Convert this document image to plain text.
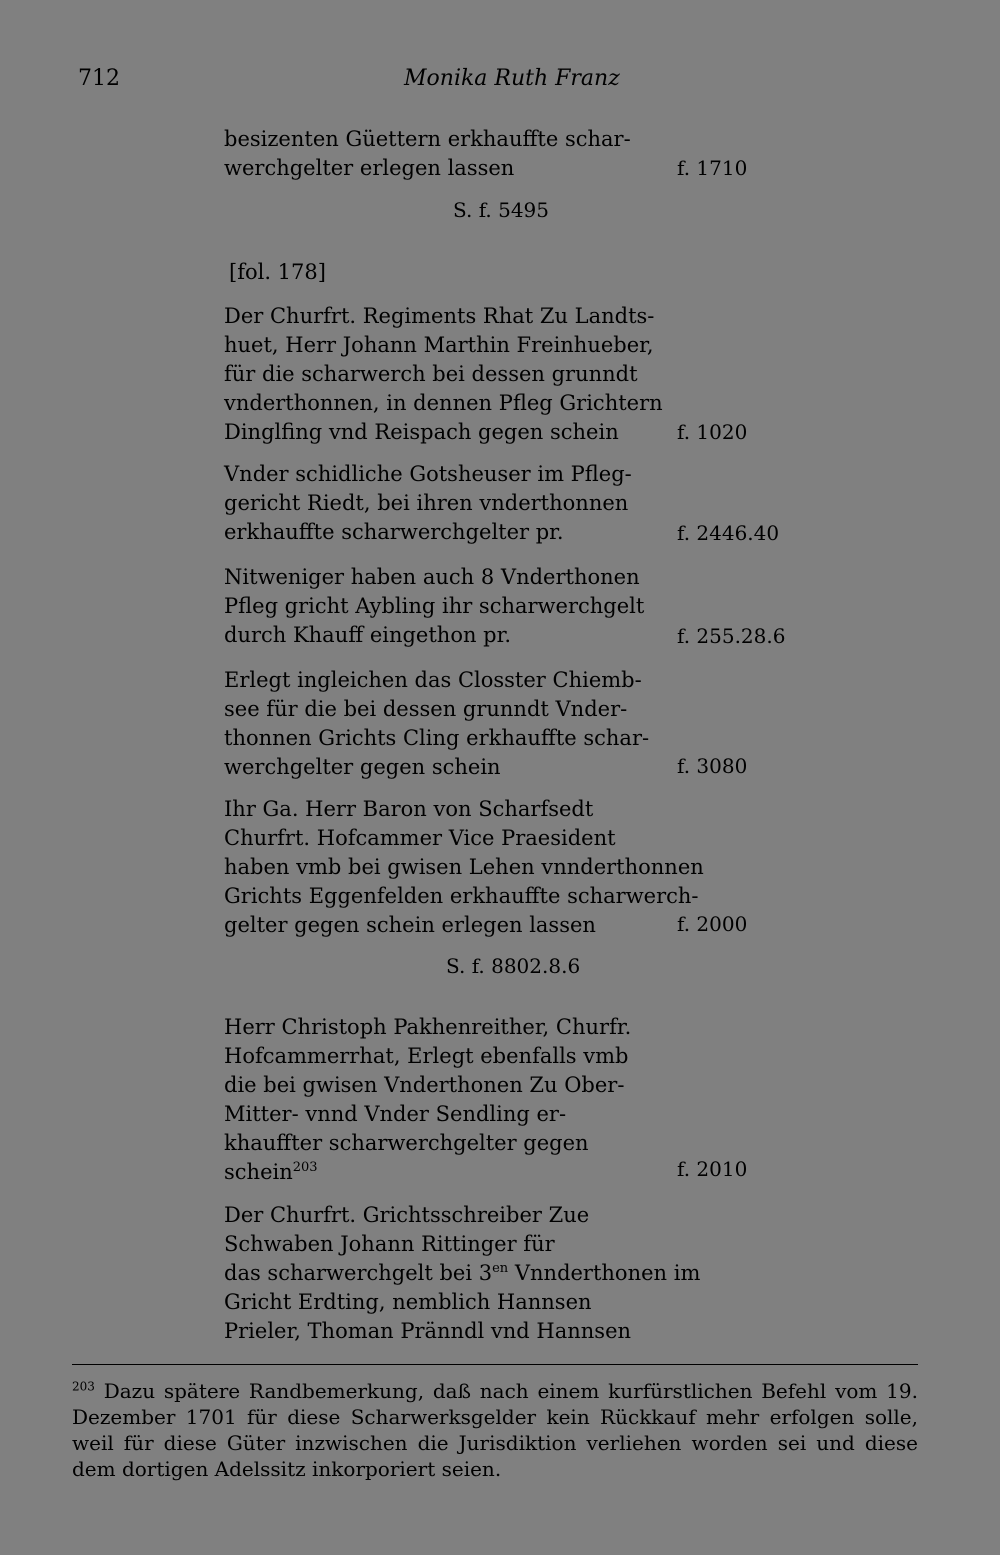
712	Monika Ruth Franz
besizenten Güettern erkhauffte schar-
werchgelter erlegen lassen	f. 1710
S. f. 5495
[fol. 178]
Der Churfrt. Regiments Rhat Zu Landts-
huet, Herr Johann Marthin Freinhueber,
für die scharwerch bei dessen grunndt
vnderthonnen, in dennen Pfleg Grichtern
Dinglfing vnd Reispach gegen schein	f. 1020
Vnder schidliche Gotsheuser im Pfleg-
gericht Riedt, bei ihren vnderthonnen
erkhauffte scharwerchgelter pr.	f. 2446.40
Nitweniger haben auch 8 Vnderthonen
Pfleg gricht Aybling ihr scharwerchgelt
durch Khauff eingethon pr.	f. 255.28.6
Erlegt ingleichen das Closster Chiemb-
see für die bei dessen grunndt Vnder-
thonnen Grichts Cling erkhauffte schar-
werchgelter gegen schein	f. 3080
Ihr Ga. Herr Baron von Scharfsedt
Churfrt. Hofcammer Vice Praesident
haben vmb bei gwisen Lehen vnnderthonnen
Grichts Eggenfelden erkhauffte scharwerch-
gelter gegen schein erlegen lassen	f. 2000
S. f. 8802.8.6
Herr Christoph Pakhenreither, Churfr.
Hofcammerrhat, Erlegt ebenfalls vmb
die bei gwisen Vnderthonen Zu Ober-
Mitter- vnnd Vnder Sendling er-
khauffter scharwerchgelter gegen
schein$^{203}$	f. 2010
Der Churfrt. Grichtsschreiber Zue
Schwaben Johann Rittinger für
das scharwerchgelt bei $3^{en}$ Vnnderthonen im
Gricht Erdting, nemblich Hannsen
Prieler, Thoman Pränndl vnd Hannsen
$^{203}$ Dazu spätere Randbemerkung, daß nach einem kurfürstlichen Befehl vom 19. Dezember 1701 für diese Scharwerksgelder kein Rückkauf mehr erfolgen solle, weil für diese Güter inzwischen die Jurisdiktion verliehen worden sei und diese dem dortigen Adelssitz inkorporiert seien.
